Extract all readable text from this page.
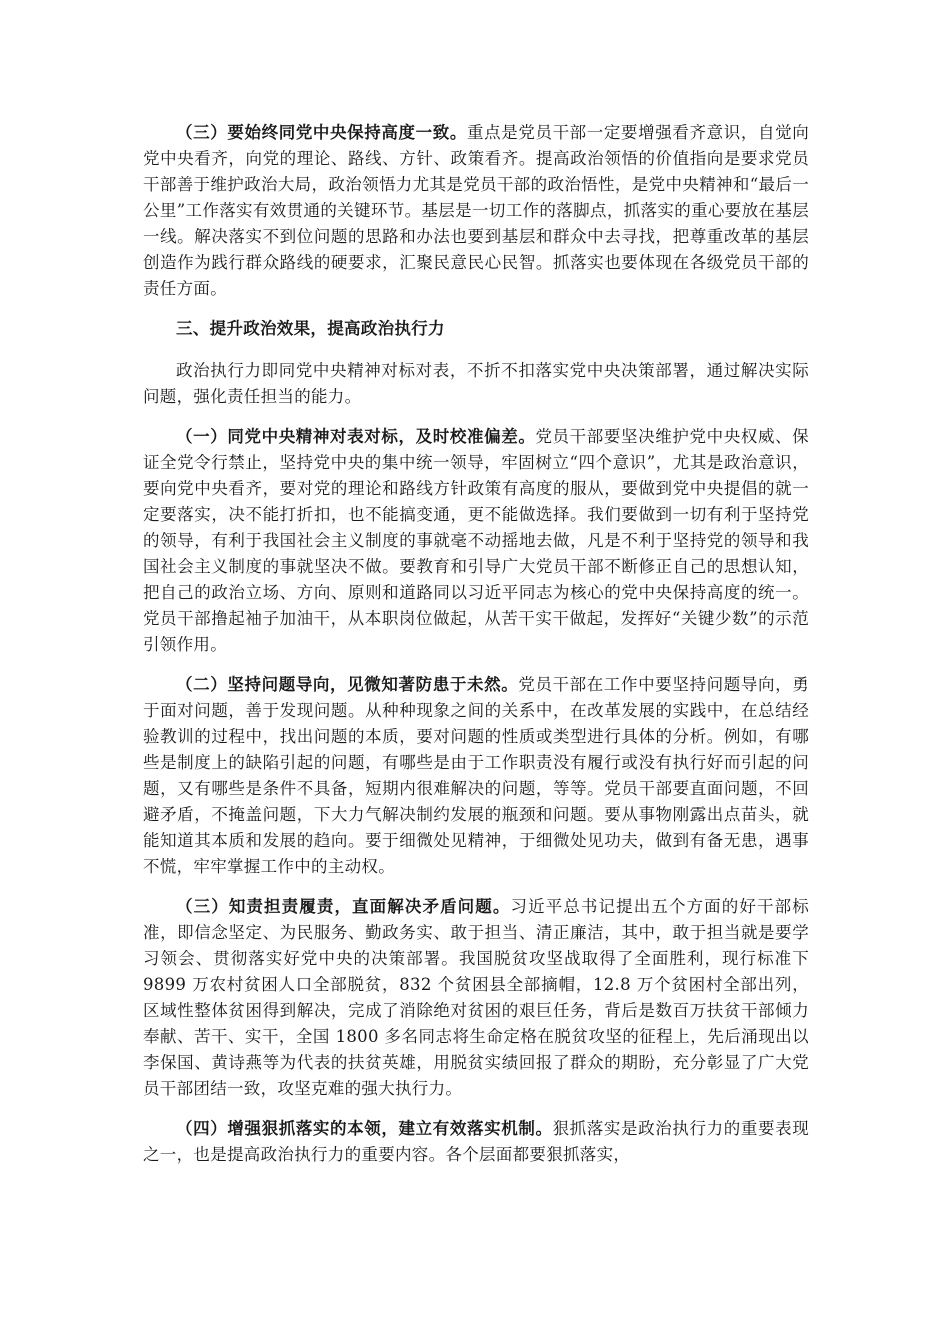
（三）要始终同党中央保持高度一致。重点是党员干部一定要增强看齐意识，自觉向党中央看齐，向党的理论、路线、方针、政策看齐。提高政治领悟的价值指向是要求党员干部善于维护政治大局，政治领悟力尤其是党员干部的政治悟性，是党中央精神和“最后一公里”工作落实有效贯通的关键环节。基层是一切工作的落脚点，抓落实的重心要放在基层一线。解决落实不到位问题的思路和办法也要到基层和群众中去寻找，把尊重改革的基层创造作为践行群众路线的硬要求，汇聚民意民心民智。抓落实也要体现在各级党员干部的责任方面。

三、提升政治效果，提高政治执行力

政治执行力即同党中央精神对标对表，不折不扣落实党中央决策部署，通过解决实际问题，强化责任担当的能力。

（一）同党中央精神对表对标，及时校准偏差。党员干部要坚决维护党中央权威、保证全党令行禁止，坚持党中央的集中统一领导，牢固树立“四个意识”，尤其是政治意识，要向党中央看齐，要对党的理论和路线方针政策有高度的服从，要做到党中央提倡的就一定要落实，决不能打折扣，也不能搞变通，更不能做选择。我们要做到一切有利于坚持党的领导，有利于我国社会主义制度的事就毫不动摇地去做，凡是不利于坚持党的领导和我国社会主义制度的事就坚决不做。要教育和引导广大党员干部不断修正自己的思想认知，把自己的政治立场、方向、原则和道路同以习近平同志为核心的党中央保持高度的统一。党员干部撸起袖子加油干，从本职岗位做起，从苦干实干做起，发挥好“关键少数”的示范引领作用。

（二）坚持问题导向，见微知著防患于未然。党员干部在工作中要坚持问题导向，勇于面对问题，善于发现问题。从种种现象之间的关系中，在改革发展的实践中，在总结经验教训的过程中，找出问题的本质，要对问题的性质或类型进行具体的分析。例如，有哪些是制度上的缺陷引起的问题，有哪些是由于工作职责没有履行或没有执行好而引起的问题，又有哪些是条件不具备，短期内很难解决的问题，等等。党员干部要直面问题，不回避矛盾，不掩盖问题，下大力气解决制约发展的瓶颈和问题。要从事物刚露出点苗头，就能知道其本质和发展的趋向。要于细微处见精神，于细微处见功夫，做到有备无患，遇事不慌，牢牢掌握工作中的主动权。

（三）知责担责履责，直面解决矛盾问题。习近平总书记提出五个方面的好干部标准，即信念坚定、为民服务、勤政务实、敢于担当、清正廉洁，其中，敢于担当就是要学习领会、贯彻落实好党中央的决策部署。我国脱贫攻坚战取得了全面胜利，现行标准下 9899 万农村贫困人口全部脱贫，832 个贫困县全部摘帽，12.8 万个贫困村全部出列，区域性整体贫困得到解决，完成了消除绝对贫困的艰巨任务，背后是数百万扶贫干部倾力奉献、苦干、实干，全国 1800 多名同志将生命定格在脱贫攻坚的征程上，先后涌现出以李保国、黄诗燕等为代表的扶贫英雄，用脱贫实绩回报了群众的期盼，充分彰显了广大党员干部团结一致，攻坚克难的强大执行力。

（四）增强狠抓落实的本领，建立有效落实机制。狠抓落实是政治执行力的重要表现之一，也是提高政治执行力的重要内容。各个层面都要狠抓落实，
